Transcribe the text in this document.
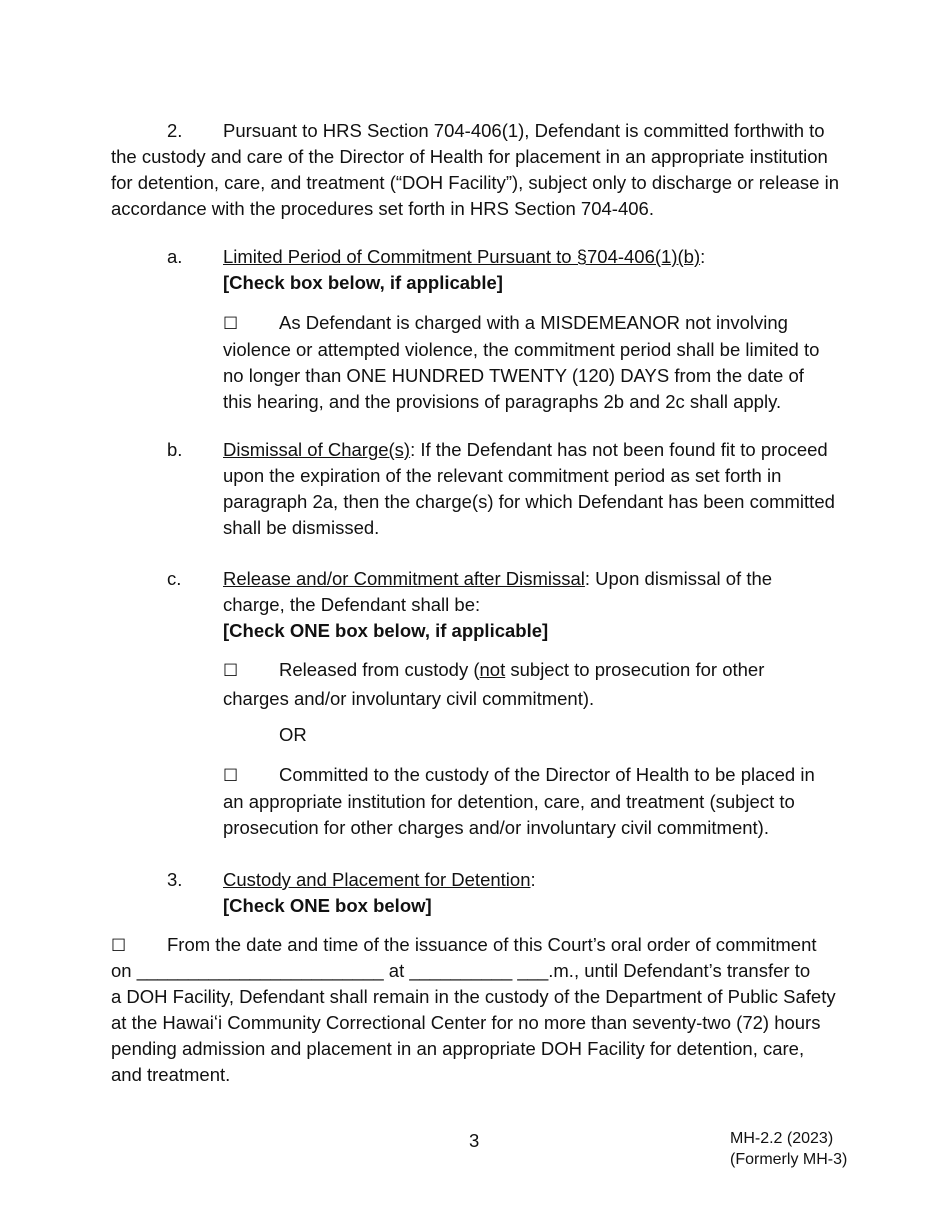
2. Pursuant to HRS Section 704-406(1), Defendant is committed forthwith to the custody and care of the Director of Health for placement in an appropriate institution for detention, care, and treatment (“DOH Facility”), subject only to discharge or release in accordance with the procedures set forth in HRS Section 704-406.
a. Limited Period of Commitment Pursuant to §704-406(1)(b):
[Check box below, if applicable]
☐ As Defendant is charged with a MISDEMEANOR not involving violence or attempted violence, the commitment period shall be limited to no longer than ONE HUNDRED TWENTY (120) DAYS from the date of this hearing, and the provisions of paragraphs 2b and 2c shall apply.
b. Dismissal of Charge(s): If the Defendant has not been found fit to proceed upon the expiration of the relevant commitment period as set forth in paragraph 2a, then the charge(s) for which Defendant has been committed shall be dismissed.
c. Release and/or Commitment after Dismissal: Upon dismissal of the charge, the Defendant shall be:
[Check ONE box below, if applicable]
☐ Released from custody (not subject to prosecution for other charges and/or involuntary civil commitment).
OR
☐ Committed to the custody of the Director of Health to be placed in an appropriate institution for detention, care, and treatment (subject to prosecution for other charges and/or involuntary civil commitment).
3. Custody and Placement for Detention:
[Check ONE box below]
☐ From the date and time of the issuance of this Court’s oral order of commitment
on ________________________ at __________ ___.m., until Defendant’s transfer to
a DOH Facility, Defendant shall remain in the custody of the Department of Public Safety at the Hawaiʻi Community Correctional Center for no more than seventy-two (72) hours pending admission and placement in an appropriate DOH Facility for detention, care, and treatment.
3	MH-2.2 (2023)
(Formerly MH-3)
